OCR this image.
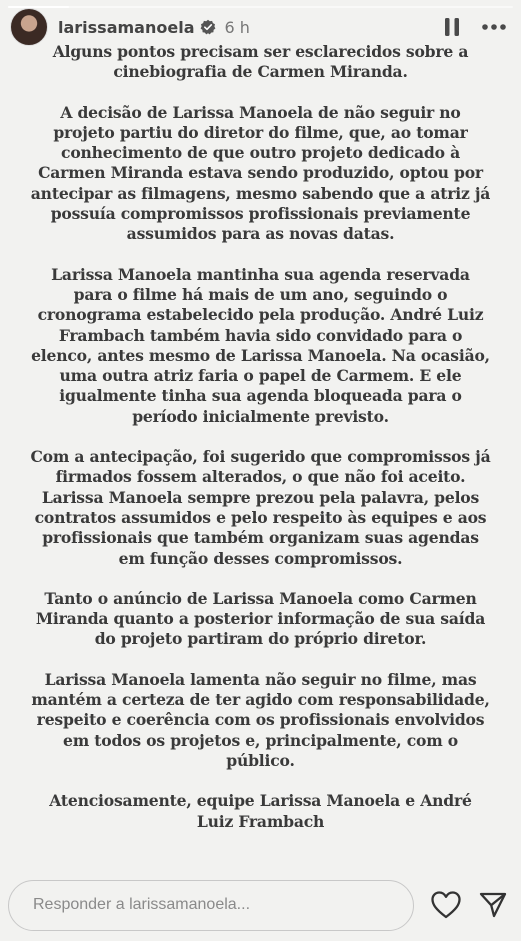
larissamanoela 6 h

Alguns pontos precisam ser esclarecidos sobre a cinebiografia de Carmen Miranda.

A decisão de Larissa Manoela de não seguir no projeto partiu do diretor do filme, que, ao tomar conhecimento de que outro projeto dedicado à Carmen Miranda estava sendo produzido, optou por antecipar as filmagens, mesmo sabendo que a atriz já possuía compromissos profissionais previamente assumidos para as novas datas.

Larissa Manoela mantinha sua agenda reservada para o filme há mais de um ano, seguindo o cronograma estabelecido pela produção. André Luiz Frambach também havia sido convidado para o elenco, antes mesmo de Larissa Manoela. Na ocasião, uma outra atriz faria o papel de Carmem. E ele igualmente tinha sua agenda bloqueada para o período inicialmente previsto.

Com a antecipação, foi sugerido que compromissos já firmados fossem alterados, o que não foi aceito. Larissa Manoela sempre prezou pela palavra, pelos contratos assumidos e pelo respeito às equipes e aos profissionais que também organizam suas agendas em função desses compromissos.

Tanto o anúncio de Larissa Manoela como Carmen Miranda quanto a posterior informação de sua saída do projeto partiram do próprio diretor.

Larissa Manoela lamenta não seguir no filme, mas mantém a certeza de ter agido com responsabilidade, respeito e coerência com os profissionais envolvidos em todos os projetos e, principalmente, com o público.

Atenciosamente, equipe Larissa Manoela e André Luiz Frambach

Responder a larissamanoela...
